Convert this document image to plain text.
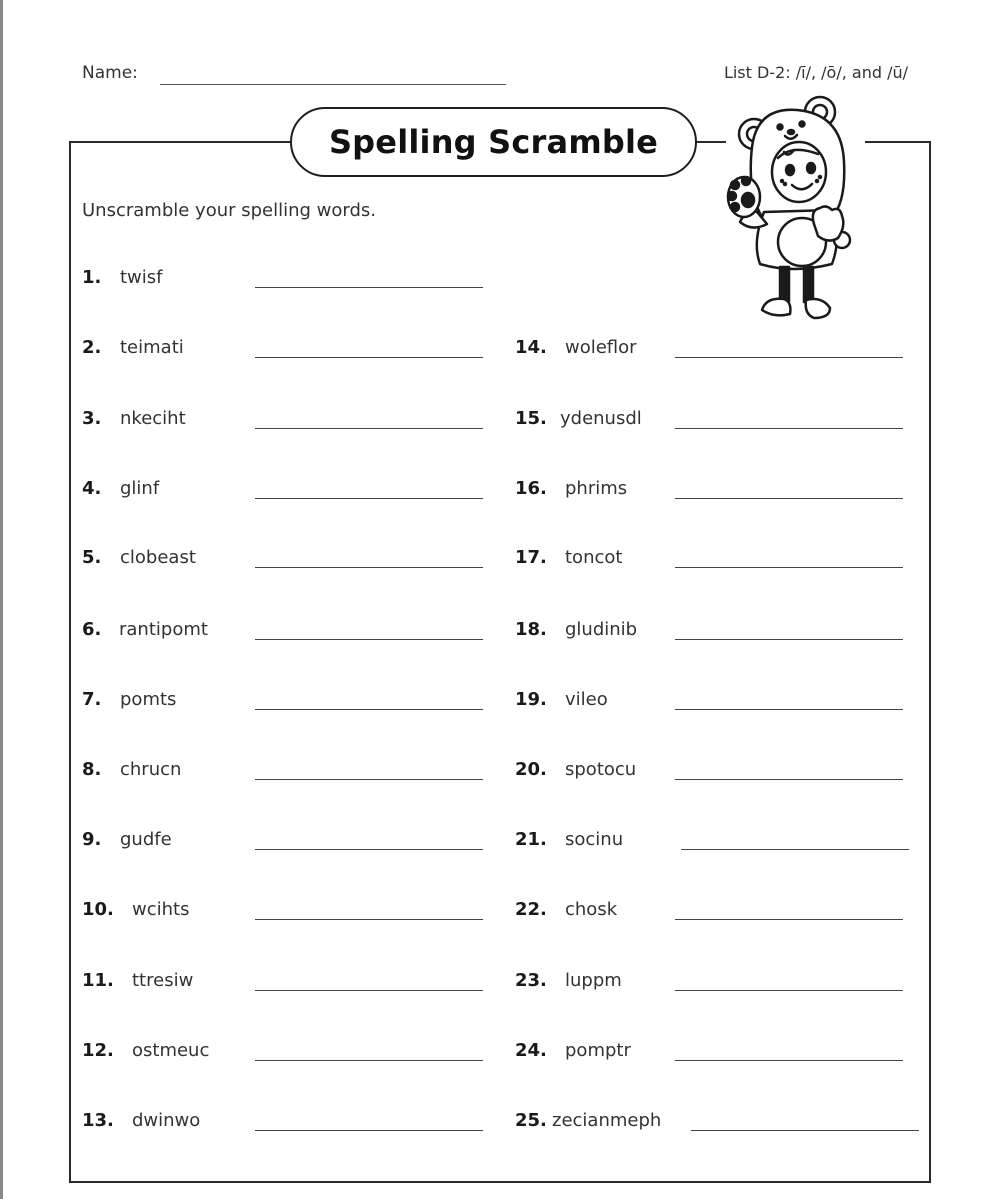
Name:	List D-2: /ī/, /ō/, and /ū/
Spelling Scramble
Unscramble your spelling words.
1. twisf
2. teimati
3. nkeciht
4. glinf
5. clobeast
6. rantipomt
7. pomts
8. chrucn
9. gudfe
10. wcihts
11. ttresiw
12. ostmeuc
13. dwinwo
14. woleflor
15. ydenusdl
16. phrims
17. toncot
18. gludinib
19. vileo
20. spotocu
21. socinu
22. chosk
23. luppm
24. pomptr
25. zecianmeph
